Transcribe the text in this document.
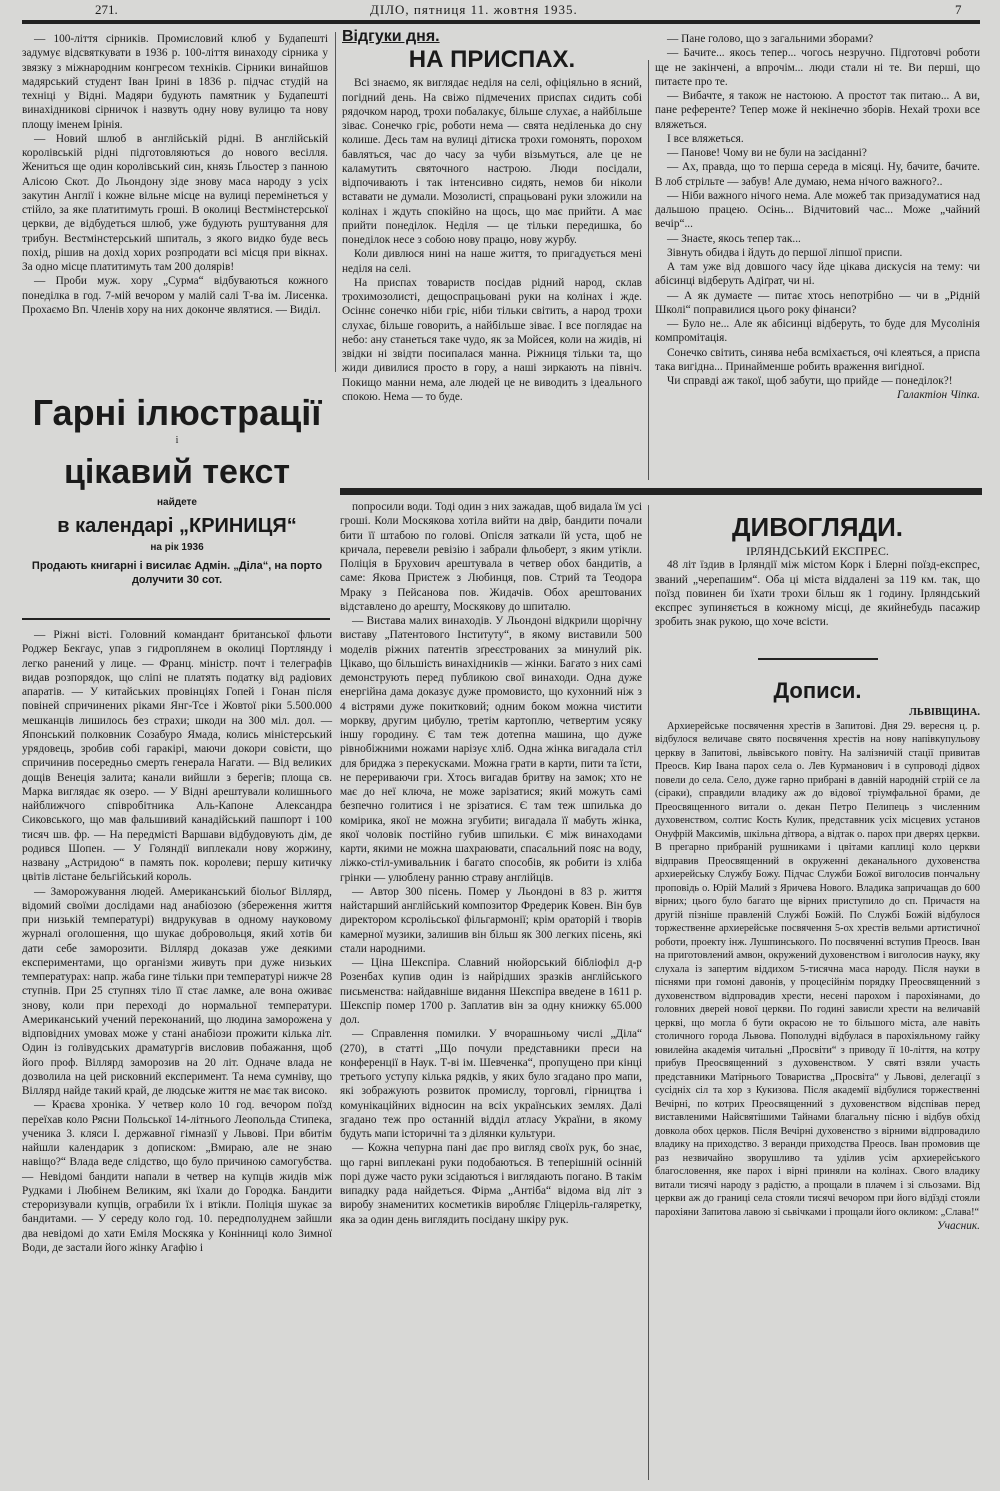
271.	ДІЛО, пятниця 11. жовтня 1935.	7

— 100-ліття сірників. Промисловий клюб у Будапешті задумує відсвяткувати в 1936 р. 100-ліття винаходу сірника у звязку з міжнародним конгресом техніків. Сірники винайшов мадярський студент Іван Ірині в 1836 р. підчас студій на техніці у Відні. Мадяри будують памятник у Будапешті винахідникові сірничок і назвуть одну нову вулицю та нову площу іменем Ірінія.

— Новий шлюб в англійській рідні. В англійській королівській рідні підготовляються до нового весілля. Жениться ще один королівський син, князь Ґльостер з панною Алісою Скот. До Льондону зіде знову маса народу з усіх закутин Англії і кожне вільне місце на вулиці перемінеться у стійло, за яке платитимуть гроші. В околиці Вестмінстерської церкви, де відбудеться шлюб, уже будують руштування для трибун. Вестмінстерський шпиталь, з якого видко буде весь похід, рішив на дохід хорих розпродати всі місця при вікнах. За одно місце платитимуть там 200 долярів!

— Проби муж. хору „Сурма“ відбуваються кожного понеділка в год. 7-мій вечором у малій салі Т-ва ім. Лисенка. Прохаємо Вп. Членів хору на них доконче являтися. — Виділ.

Гарні ілюстрації
і
цікавий текст
найдете
в календарі „КРИНИЦЯ“
на рік 1936
Продають книгарні і висилає Адмін. „Діла“, на порто долучити 30 сот.

— Ріжні вісті. Головний командант британської фльоти Роджер Бекгаус, упав з гидроплянем в околиці Портлянду і легко ранений у лице. — Франц. міністр. почт і телеграфів видав розпорядок, що сліпі не платять податку від радіових апаратів. — У китайських провінціях Гопей і Гонан після повіней спричинених ріками Янг-Тсе і Жовтої ріки 5.500.000 мешканців лишилось без страхи; шкоди на 300 міл. дол. — Японський полковник Созабуро Ямада, колись міністерський урядовець, зробив собі гаракірі, маючи докори совісти, що спричинив посередньо смерть генерала Нагати. — Від великих дощів Венеція залита; канали вийшли з берегів; площа св. Марка виглядає як озеро. — У Відні арештували колишнього найближчого співробітника Аль-Капоне Александра Сиковського, що мав фальшивий канадійський пашпорт і 100 тисяч шв. фр. — На передмісті Варшави відбудовують дім, де родився Шопен. — У Голяндії виплекали нову жоржину, названу „Астридою“ в память пок. королеви; першу китичку цвітів лістане бельгійський король.

— Заморожування людей. Американський біольоґ Віллярд, відомий своїми дослідами над анабіозою (збереження життя при низькій температурі) вндрукував в одному науковому журналі оголошення, що шукає добровольця, який хотів би дати себе заморозити. Віллярд доказав уже деякими експериментами, що організми живуть при дуже низьких температурах: напр. жаба гине тільки при температурі нижче 28 ступнів. При 25 ступнях тіло її стає ламке, але вона оживає знову, коли при переході до нормальної температури. Американський учений переконаний, що людина заморожена у відповідних умовах може у стані анабіози прожити кілька літ. Один із голівудських драматургів висловив побажання, щоб його проф. Віллярд заморозив на 20 літ. Одначе влада не дозволила на цей рисковний експеримент. Та нема сумніву, що Віллярд найде такий край, де людське життя не має так високо.

— Краєва хроніка. У четвер коло 10 год. вечором поїзд переїхав коло Рясни Польської 14-літнього Леопольда Стипека, ученика 3. кляси І. державної гімназії у Львові. При вбитім найшли календарик з дописком: „Вмираю, але не знаю навіщо?“ Влада веде слідство, що було причиною самогубства. — Невідомі бандити напали в четвер на купців жидів між Рудками і Любінем Великим, які їхали до Городка. Бандити стероризували купців, ограбили їх і втікли. Поліція шукає за бандитами. — У середу коло год. 10. передполуднем зайшли два невідомі до хати Еміля Москяка у Конінниці коло Зимної Води, де застали його жінку Агафію і

Відгуки дня.
НА ПРИСПАХ.

Всі знаємо, як виглядає неділя на селі, офіціяльно в ясний, погідний день. На свіжо підмечених приспах сидить собі рядочком народ, трохи побалакує, більше слухає, а найбільше зіває. Сонечко гріє, роботи нема — свята неділенька до сну колише. Десь там на вулиці дітиска трохи гомонять, порохом бавляться, час до часу за чуби візьмуться, але це не каламутить святочного настрою. Люди посідали, відпочивають і так інтенсивно сидять, немов би ніколи вставати не думали. Мозолисті, спрацьовані руки зложили на колінах і ждуть спокійно на щось, що має прийти. А має прийти понеділок. Неділя — це тільки передишка, бо понеділок несе з собою нову працю, нову журбу.

Коли дивлюся нині на наше життя, то пригадується мені неділя на селі.

На приспах товариств посідав рідний народ, склав трохимозолисті, дещоспрацьовані руки на колінах і жде. Осіннє сонечко ніби гріє, ніби тільки світить, а народ трохи слухає, більше говорить, а найбільше зіває. І все поглядає на небо: ану станеться таке чудо, як за Мойсея, коли на жидів, ні звідки ні звідти посипалася манна. Ріжниця тільки та, що жиди дивилися просто в гору, а наші зиркають на північ. Покищо манни нема, але людей це не виводить з ідеального спокою. Нема — то буде.

— Пане голово, що з загальними зборами?

— Бачите... якось тепер... чогось незручно. Підготовчі роботи ще не закінчені, а впрочім... люди стали ні те. Ви перші, що питаєте про те.

— Вибачте, я також не настоюю. А простот так питаю... А ви, пане референте? Тепер може й некінечно зборів. Нехай трохи все вляжеться.

І все вляжеться.

— Панове! Чому ви не були на засіданні?

— Ах, правда, що то перша середа в місяці. Ну, бачите, бачите. В лоб стрільте — забув! Але думаю, нема нічого важного?..

— Ніби важного нічого нема. Але можеб так призадуматися над дальшою працею. Осінь... Відчитовий час... Може „чайний вечір“...

— Знаєте, якось тепер так...

Зівнуть обидва і йдуть до першої ліпшої приспи.

А там уже від довшого часу йде цікава дискусія на тему: чи абісинці відберуть Адіґрат, чи ні.

— А як думаєте — питає хтось непотрібно — чи в „Рідній Школі“ поправилися цього року фінанси?

— Було не... Але як абісинці відберуть, то буде для Мусолінія компромітація.

Сонечко світить, синява неба всміхається, очі клеяться, а приспа така вигідна... Принайменше робить враження вигідної.

Чи справді аж такої, щоб забути, що прийде — понеділок?!

Галактіон Чіпка.

попросили води. Тоді один з них зажадав, щоб видала їм усі гроші. Коли Москякова хотіла вийти на двір, бандити почали бити її штабою по голові. Опісля заткали їй уста, щоб не кричала, перевели ревізію і забрали фльоберт, з яким утікли. Поліція в Брухович арештувала в четвер обох бандитів, а саме: Якова Пристеж з Любинця, пов. Стрий та Теодора Мраку з Пейсанова пов. Жидачів. Обох арештованих відставлено до арешту, Москякову до шпиталю.

— Виставa малих винаходів. У Льондоні відкрили щорічну виставу „Патентового Інституту“, в якому виставили 500 моделів ріжних патентів зґреєстрованих за минулий рік. Цікаво, що більшість винахідників — жінки. Багато з них самі демонструють перед публикою свої винаходи. Одна дуже енергійна дама доказує дуже промовисто, що кухонний ніж з 4 вістрями дуже покитковий; одним боком можна чистити моркву, другим цибулю, третім картоплю, четвертим усяку іншу городину. Є там теж дотепна машина, що дуже рівнобіжними ножами нарізує хліб. Одна жінка вигадала стіл для бриджа з перекусками. Можна грати в карти, пити та їсти, не перериваючи гри. Хтось вигадав бритву на замок; хто не має до неї ключа, не може зарізатися; який можуть самі безпечно голитися і не зрізатися. Є там теж шпилька до комірика, якої не можна згубити; вигадала її мабуть жінка, якої чоловік постійно губив шпильки. Є між винаходами карти, якими не можна шахраювати, спасальний пояс на воду, ліжко-стіл-умивальник і багато способів, як робити із хліба грінки — улюблену ранню страву англійців.

— Автор 300 пісень. Помер у Льондоні в 83 р. життя найстарший англійський композитор Фредерик Ковен. Він був директором ксроліьської фільгармонії; крім ораторій і творів камерної музики, залишив він більш як 300 легких пісень, які стали народними.

— Ціна Шекспіра. Славний нюйорський бібліофіл д-р Розенбах купив один із найрідших зразків англійського письменства: найдавніше видання Шекспіра введене в 1611 р. Шекспір помер 1700 р. Заплатив він за одну книжку 65.000 дол.

— Справлення помилки. У вчорашньому числі „Діла“ (270), в статті „Що почули представники преси на конференції в Наук. Т-ві ім. Шевченка“, пропущено при кінці третього уступу кілька рядків, у яких було згадано про мапи, які зображують розвиток промислу, торговлі, гірництва і комунікаційних відносин на всіх українських землях. Далі згадано теж про останній відділ атласу України, в якому будуть мапи історичні та з ділянки культури.

— Кожна чепурна пані дає про вигляд своїх рук, бо знає, що гарні виплекані руки подобаються. В теперішній осінній порі дуже часто руки зсідаються і виглядають погано. В такім випадку рада найдеться. Фірма „Антіба“ відома від літ з виробу знаменитих косметиків виробляє Гліцеріль-галяретку, яка за один день виглядить посідану шкіру рук.

ДИВОГЛЯДИ.

ІРЛЯНДСЬКИЙ ЕКСПРЕС.

48 літ їздив в Ірляндії між містом Корк і Блерні поїзд-експрес, званий „черепашим“. Оба ці міста віддалені за 119 км. так, що поїзд повинен би їхати трохи більш як 1 годину. Ірляндський експрес зупиняється в кожному місці, де якийнебудь пасажир зробить знак рукою, що хоче всісти.

Дописи.

ЛЬВІВЩИНА.

Архиерейське посвячення хрестів в Запитові. Дня 29. вересня ц. р. відбулося величаве свято посвячення хрестів на нову напівкупульову церкву в Запитові, львівського повіту. На залізничій стації привитав Преосв. Кир Івана парох села о. Лев Курманович і в супроводі дідвох повели до села. Село, дуже гарно прибрані в давній народній стрій се ла (сіраки), справдили владику аж до відової тріумфальної брами, де Преосвященного витали о. декан Петро Пелипець з численним духовенством, солтис Кость Кулик, представник усіх місцевих установ Онуфрій Максимів, шкільна дітвора, а відтак о. парох при дверях церкви. В прегарно прибраній рушниками і цвітами каплиці коло церкви відправив Преосвященний в окруженні деканального духовенства архиерейську Службу Божу. Підчас Служби Божої виголосив пончальну проповідь о. Юрій Малий з Яричева Нового. Владика запричащав до 600 вірних; цього було багато ще вірних приступило до сп. Причастя на другій пізніше правленій Службі Божій. По Службі Божій відбулося торжественне архиерейське посвячення 5-ох хрестів вельми артистичної роботи, проекту інж. Лушпинського. По посвяченні вступив Преосв. Іван на приготовлений амвон, окружений духовенством і виголосив науку, яку слухала із запертим віддихом 5-тисячна маса народу. Після науки в піснями при гомоні давонів, у процесійнім порядку Преосвященний з духовенством відпровадив хрести, несені парохом і парохіянами, до головних дверей нової церкви. По годині зависли хрести на величавій церкві, що могла б бути окрасою не то більшого міста, але навіть столичного города Львова. Пополудні відбулася в парохіяльному гайку ювилейна академія читальні „Просвіти“ з приводу її 10-ліття, на котру прибув Преосвященний з духовенством. У святі взяли участь представники Матірнього Товариства „Просвіта“ у Львові, делегації з сусідніх сіл та хор з Кукизова. Після академії відбулися торжественні Вечірні, по котрих Преосвященний з духовенством відспівав перед виставленими Найсвятішими Тайнами благальну пісню і відбув обхід довкола обох церков. Після Вечірні духовенство з вірними відпровадило владику на приходство. З веранди приходства Преосв. Іван промовив ще раз незвичайно зворушливо та уділив усім архиерейського благословення, яке парох і вірні приняли на колінах. Свого владику витали тисячі народу з радістю, а прощали в плачем і зі сльозами. Від церкви аж до границі села стояли тисячі вечором при його відїзді стояли парохіяни Запитова лавою зі сьвічками і прощали його окликом: „Слава!“

Учасник.
